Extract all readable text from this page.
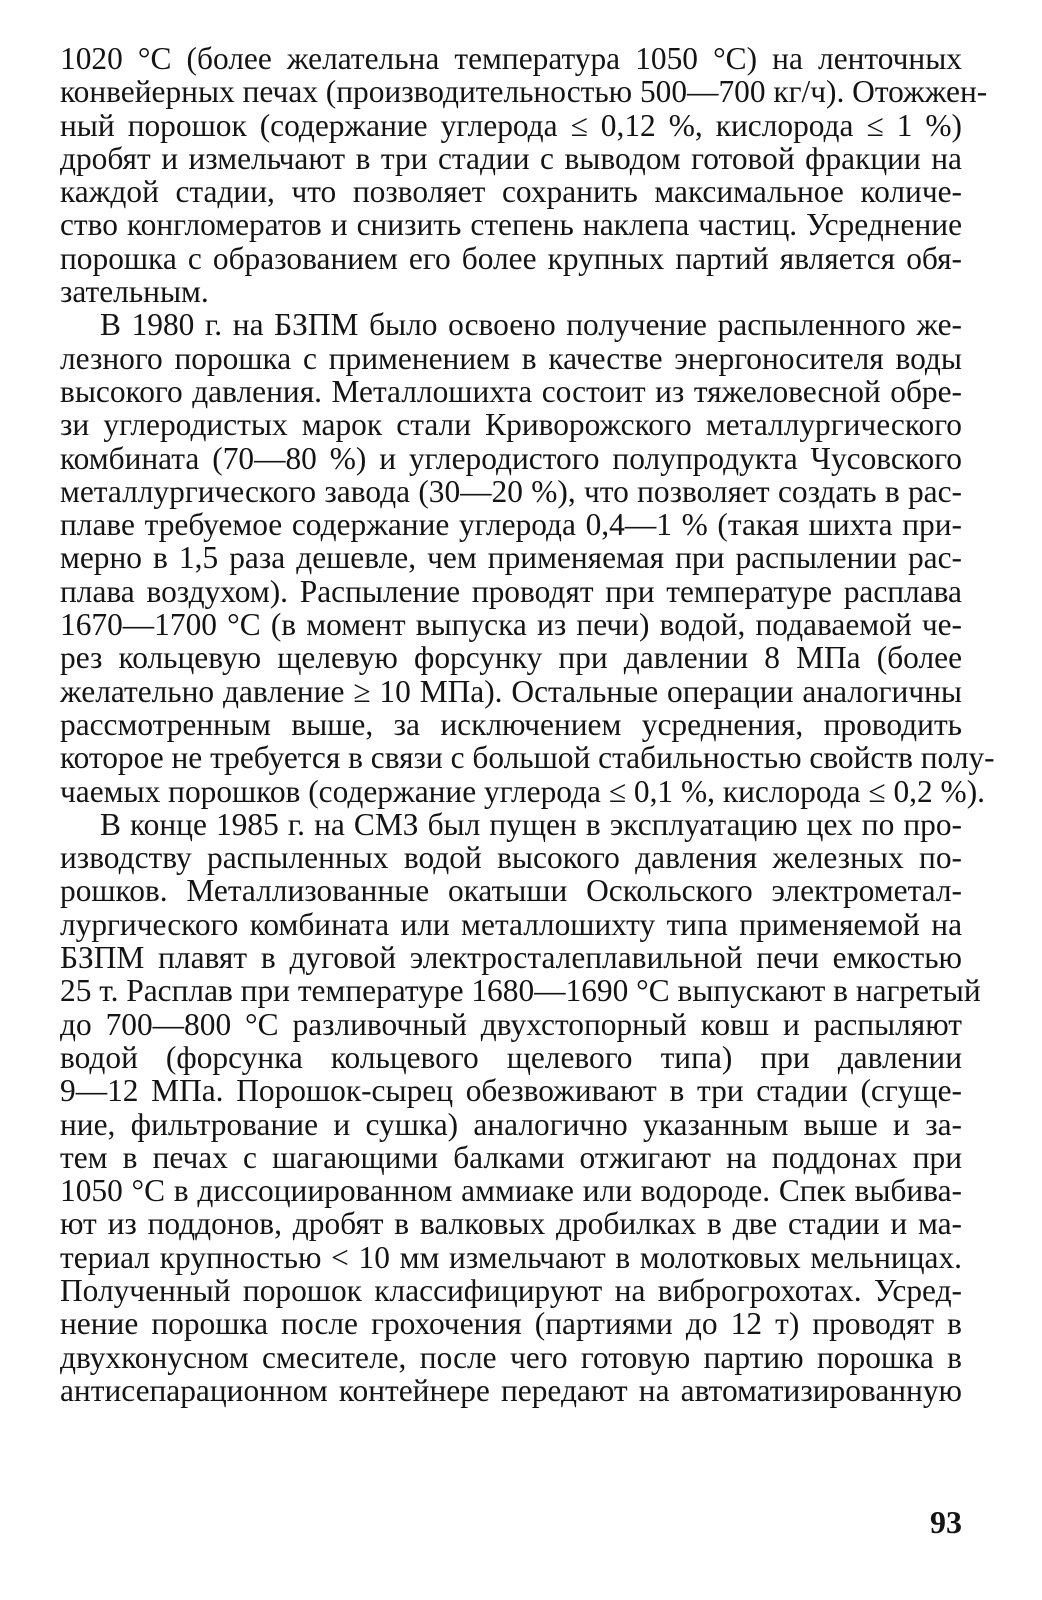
1020 °C (более желательна температура 1050 °C) на ленточных
конвейерных печах (производительностью 500—700 кг/ч). Отожжен-
ный порошок (содержание углерода ≤ 0,12 %, кислорода ≤ 1 %)
дробят и измельчают в три стадии с выводом готовой фракции на
каждой стадии, что позволяет сохранить максимальное количе-
ство конгломератов и снизить степень наклепа частиц. Усреднение
порошка с образованием его более крупных партий является обя-
зательным.
В 1980 г. на БЗПМ было освоено получение распыленного же-
лезного порошка с применением в качестве энергоносителя воды
высокого давления. Металлошихта состоит из тяжеловесной обре-
зи углеродистых марок стали Криворожского металлургического
комбината (70—80 %) и углеродистого полупродукта Чусовского
металлургического завода (30—20 %), что позволяет создать в рас-
плаве требуемое содержание углерода 0,4—1 % (такая шихта при-
мерно в 1,5 раза дешевле, чем применяемая при распылении рас-
плава воздухом). Распыление проводят при температуре расплава
1670—1700 °C (в момент выпуска из печи) водой, подаваемой че-
рез кольцевую щелевую форсунку при давлении 8 МПа (более
желательно давление ≥ 10 МПа). Остальные операции аналогичны
рассмотренным выше, за исключением усреднения, проводить
которое не требуется в связи с большой стабильностью свойств полу-
чаемых порошков (содержание углерода ≤ 0,1 %, кислорода ≤ 0,2 %).
В конце 1985 г. на СМЗ был пущен в эксплуатацию цех по про-
изводству распыленных водой высокого давления железных по-
рошков. Металлизованные окатыши Оскольского электрометал-
лургического комбината или металлошихту типа применяемой на
БЗПМ плавят в дуговой электросталеплавильной печи емкостью
25 т. Расплав при температуре 1680—1690 °C выпускают в нагретый
до 700—800 °C разливочный двухстопорный ковш и распыляют
водой (форсунка кольцевого щелевого типа) при давлении
9—12 МПа. Порошок-сырец обезвоживают в три стадии (сгуще-
ние, фильтрование и сушка) аналогично указанным выше и за-
тем в печах с шагающими балками отжигают на поддонах при
1050 °C в диссоциированном аммиаке или водороде. Спек выбива-
ют из поддонов, дробят в валковых дробилках в две стадии и ма-
териал крупностью < 10 мм измельчают в молотковых мельницах.
Полученный порошок классифицируют на виброгрохотах. Усред-
нение порошка после грохочения (партиями до 12 т) проводят в
двухконусном смесителе, после чего готовую партию порошка в
антисепарационном контейнере передают на автоматизированную
93
